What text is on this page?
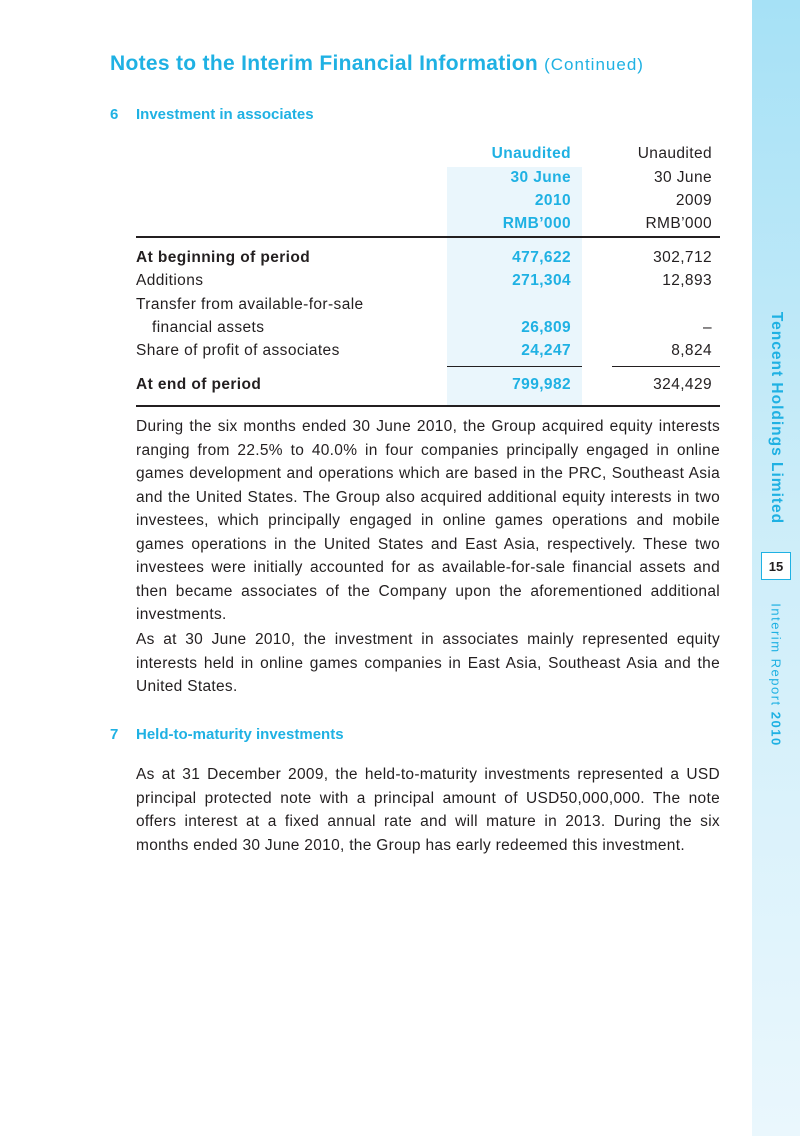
Tencent Holdings Limited
15
Interim Report 2010
Notes to the Interim Financial Information (Continued)
6 Investment in associates
Unaudited	Unaudited
30 June	30 June
2010	2009
RMB’000	RMB’000
At beginning of period	477,622	302,712
Additions	271,304	12,893
Transfer from available-for-sale
financial assets	26,809	–
Share of profit of associates	24,247	8,824
At end of period	799,982	324,429
During the six months ended 30 June 2010, the Group acquired equity interests ranging from 22.5% to 40.0% in four companies principally engaged in online games development and operations which are based in the PRC, Southeast Asia and the United States. The Group also acquired additional equity interests in two investees, which principally engaged in online games operations and mobile games operations in the United States and East Asia, respectively. These two investees were initially accounted for as available-for-sale financial assets and then became associates of the Company upon the aforementioned additional investments.
As at 30 June 2010, the investment in associates mainly represented equity interests held in online games companies in East Asia, Southeast Asia and the United States.
7 Held-to-maturity investments
As at 31 December 2009, the held-to-maturity investments represented a USD principal protected note with a principal amount of USD50,000,000. The note offers interest at a fixed annual rate and will mature in 2013. During the six months ended 30 June 2010, the Group has early redeemed this investment.
